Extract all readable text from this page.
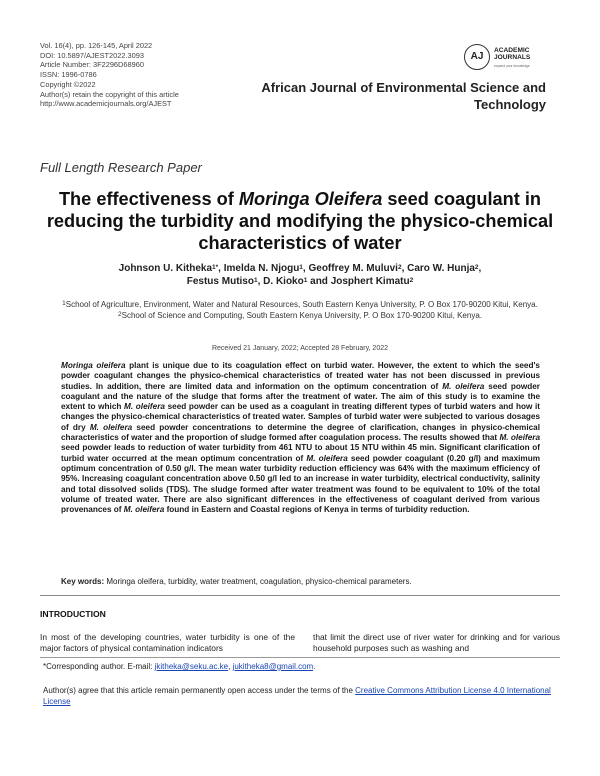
Vol. 16(4), pp. 126-145, April 2022
DOI: 10.5897/AJEST2022.3093
Article Number: 3F2296D68960
ISSN: 1996-0786
Copyright ©2022
Author(s) retain the copyright of this article
http://www.academicjournals.org/AJEST
AJ
ACADEMIC
JOURNALS
expand your knowledge
African Journal of Environmental Science and Technology
Full Length Research Paper
The effectiveness of Moringa Oleifera seed coagulant in reducing the turbidity and modifying the physico-chemical characteristics of water
Johnson U. Kitheka$^{1*}$, Imelda N. Njogu$^1$, Geoffrey M. Muluvi$^2$, Caro W. Hunja$^2$,
Festus Mutiso$^1$, D. Kioko$^1$ and Josphert Kimatu$^2$
$^1$School of Agriculture, Environment, Water and Natural Resources, South Eastern Kenya University, P. O Box 170-90200 Kitui, Kenya.
$^2$School of Science and Computing, South Eastern Kenya University, P. O Box 170-90200 Kitui, Kenya.
Received 21 January, 2022; Accepted 28 February, 2022
Moringa oleifera plant is unique due to its coagulation effect on turbid water. However, the extent to which the seed's powder coagulant changes the physico-chemical characteristics of treated water has not been discussed in previous studies. In addition, there are limited data and information on the optimum concentration of M. oleifera seed powder coagulant and the nature of the sludge that forms after the treatment of water. The aim of this study is to examine the extent to which M. oleifera seed powder can be used as a coagulant in treating different types of turbid waters and how it changes the physico-chemical characteristics of treated water. Samples of turbid water were subjected to various dosages of dry M. oleifera seed powder concentrations to determine the degree of clarification, changes in physico-chemical characteristics of water and the proportion of sludge formed after coagulation process. The results showed that M. oleifera seed powder leads to reduction of water turbidity from 461 NTU to about 15 NTU within 45 min. Significant clarification of turbid water occurred at the mean optimum concentration of M. oleifera seed powder coagulant (0.20 g/l) and maximum optimum concentration of 0.50 g/l. The mean water turbidity reduction efficiency was 64% with the maximum efficiency of 95%. Increasing coagulant concentration above 0.50 g/l led to an increase in water turbidity, electrical conductivity, salinity and total dissolved solids (TDS). The sludge formed after water treatment was found to be equivalent to 10% of the total volume of treated water. There are also significant differences in the effectiveness of coagulant derived from various provenances of M. oleifera found in Eastern and Coastal regions of Kenya in terms of turbidity reduction.
Key words: Moringa oleifera, turbidity, water treatment, coagulation, physico-chemical parameters.
INTRODUCTION
In most of the developing countries, water turbidity is one of the major factors of physical contamination indicators
that limit the direct use of river water for drinking and for various household purposes such as washing and
*Corresponding author. E-mail: jkitheka@seku.ac.ke, jukitheka8@gmail.com.
Author(s) agree that this article remain permanently open access under the terms of the Creative Commons Attribution License 4.0 International License
